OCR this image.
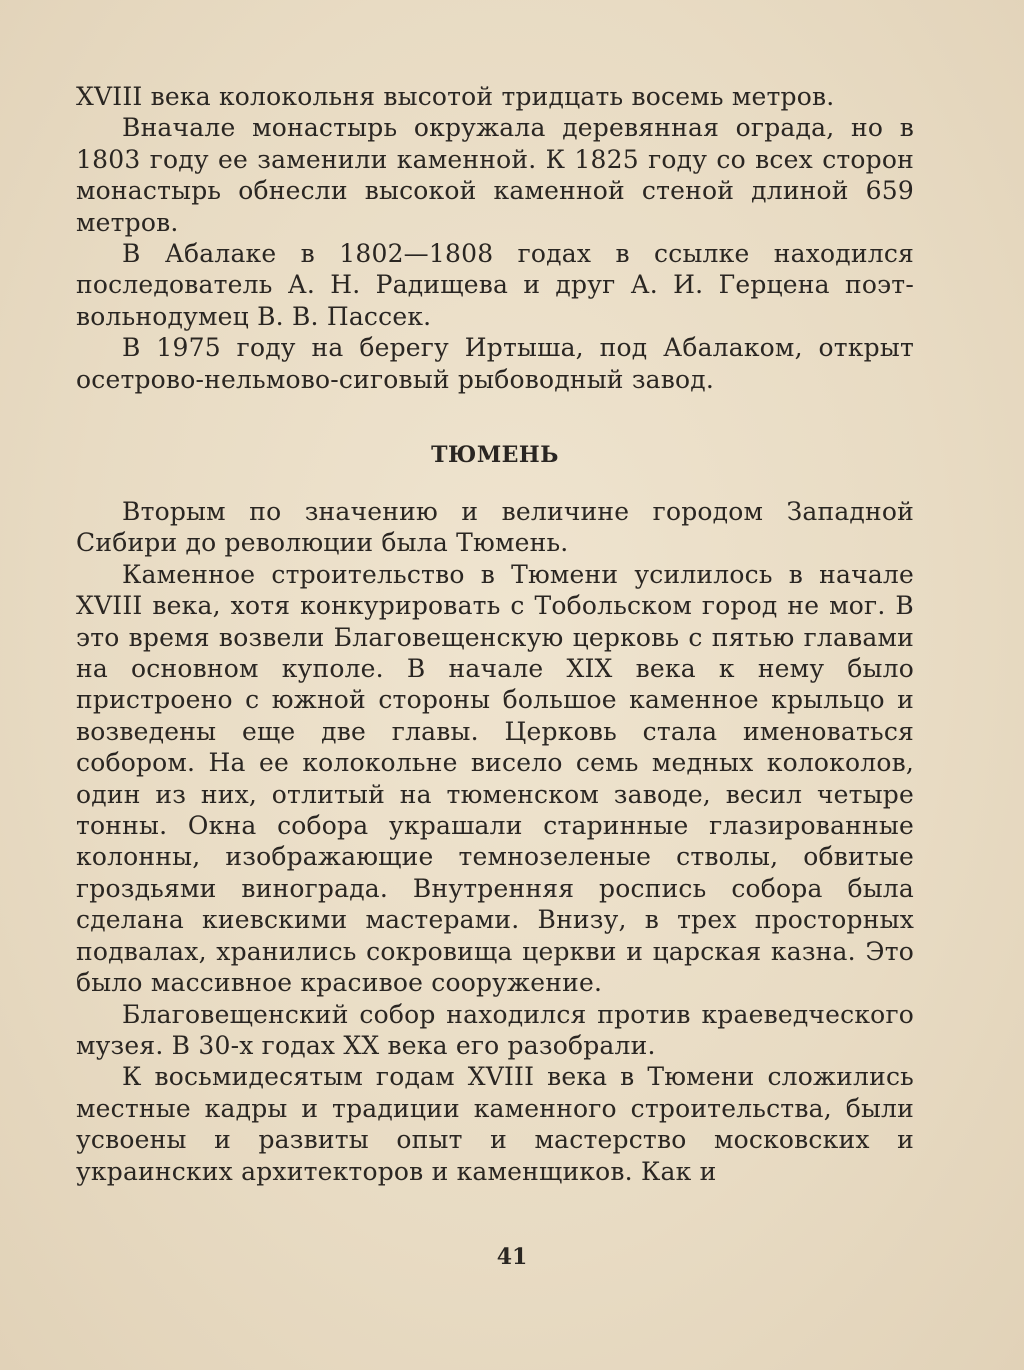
XVIII века колокольня высотой тридцать восемь метров.

Вначале монастырь окружала деревянная ограда, но в 1803 году ее заменили каменной. К 1825 году со всех сторон монастырь обнесли высокой каменной стеной длиной 659 метров.

В Абалаке в 1802—1808 годах в ссылке находился последователь А. Н. Радищева и друг А. И. Герцена поэт-вольнодумец В. В. Пассек.

В 1975 году на берегу Иртыша, под Абалаком, открыт осетрово-нельмово-сиговый рыбоводный завод.

ТЮМЕНЬ

Вторым по значению и величине городом Западной Сибири до революции была Тюмень.

Каменное строительство в Тюмени усилилось в начале XVIII века, хотя конкурировать с Тобольском город не мог. В это время возвели Благовещенскую церковь с пятью главами на основном куполе. В начале XIX века к нему было пристроено с южной стороны большое каменное крыльцо и возведены еще две главы. Церковь стала именоваться собором. На ее колокольне висело семь медных колоколов, один из них, отлитый на тюменском заводе, весил четыре тонны. Окна собора украшали старинные глазированные колонны, изображающие темнозеленые стволы, обвитые гроздьями винограда. Внутренняя роспись собора была сделана киевскими мастерами. Внизу, в трех просторных подвалах, хранились сокровища церкви и царская казна. Это было массивное красивое сооружение.

Благовещенский собор находился против краеведческого музея. В 30-х годах XX века его разобрали.

К восьмидесятым годам XVIII века в Тюмени сложились местные кадры и традиции каменного строительства, были усвоены и развиты опыт и мастерство московских и украинских архитекторов и каменщиков. Как и

41
